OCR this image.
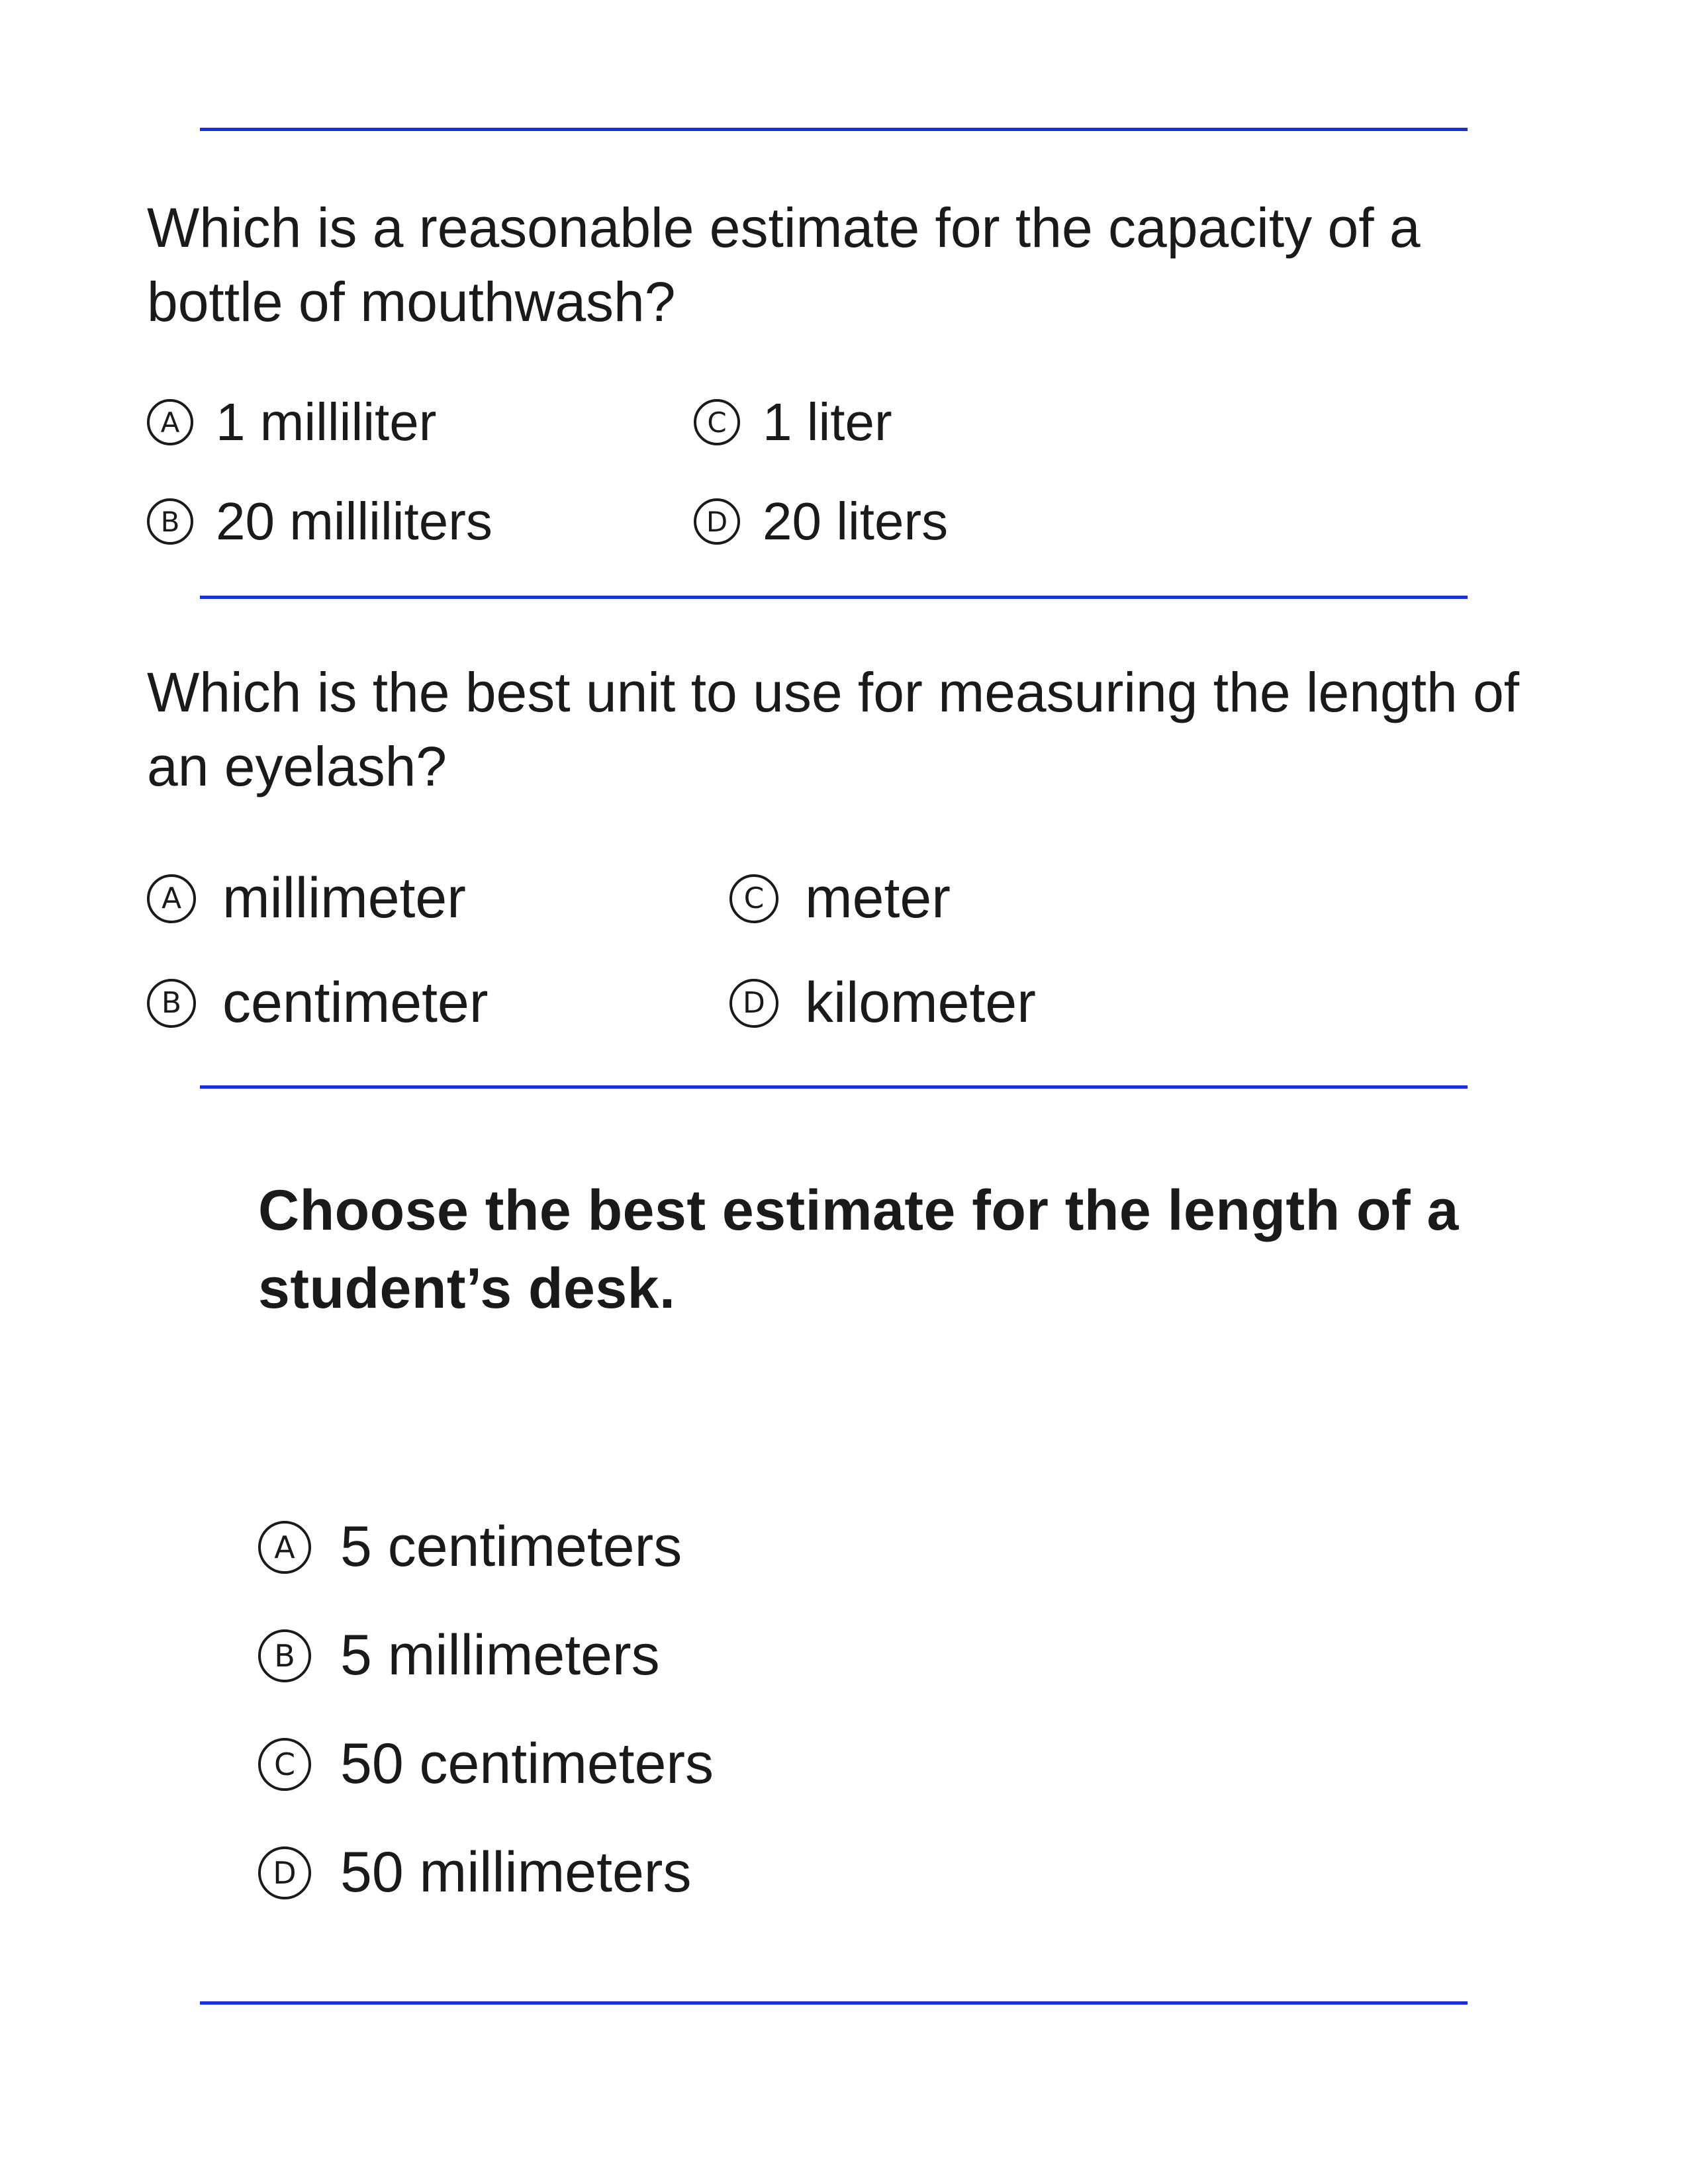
Which is a reasonable estimate for the capacity of a bottle of mouthwash?

A 1 milliliter
B 20 milliliters
C 1 liter
D 20 liters

Which is the best unit to use for measuring the length of an eyelash?

A millimeter
B centimeter
C meter
D kilometer

Choose the best estimate for the length of a student’s desk.

A 5 centimeters
B 5 millimeters
C 50 centimeters
D 50 millimeters
